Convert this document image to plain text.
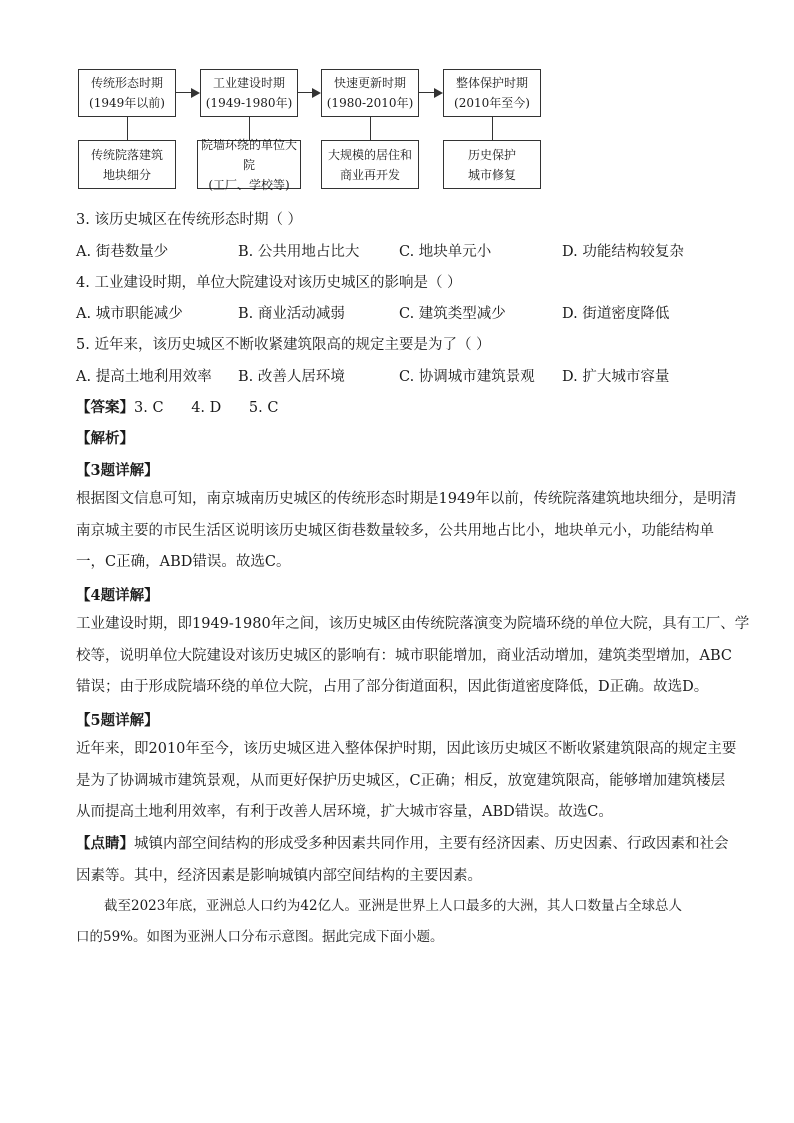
传统形态时期
(1949年以前)
工业建设时期
(1949-1980年)
快速更新时期
(1980-2010年)
整体保护时期
(2010年至今)
传统院落建筑
地块细分
院墙环绕的单位大院
(工厂、学校等)
大规模的居住和
商业再开发
历史保护
城市修复
3. 该历史城区在传统形态时期（ ）
A. 街巷数量少	B. 公共用地占比大	C. 地块单元小	D. 功能结构较复杂
4. 工业建设时期，单位大院建设对该历史城区的影响是（ ）
A. 城市职能减少	B. 商业活动减弱	C. 建筑类型减少	D. 街道密度降低
5. 近年来，该历史城区不断收紧建筑限高的规定主要是为了（ ）
A. 提高土地利用效率 B. 改善人居环境	C. 协调城市建筑景观 D. 扩大城市容量
【答案】3. C      4. D      5. C
【解析】
【3题详解】
根据图文信息可知，南京城南历史城区的传统形态时期是1949年以前，传统院落建筑地块细分，是明清
南京城主要的市民生活区说明该历史城区街巷数量较多，公共用地占比小，地块单元小，功能结构单
一，C正确，ABD错误。故选C。
【4题详解】
工业建设时期，即1949-1980年之间，该历史城区由传统院落演变为院墙环绕的单位大院，具有工厂、学
校等，说明单位大院建设对该历史城区的影响有：城市职能增加，商业活动增加，建筑类型增加，ABC
错误；由于形成院墙环绕的单位大院，占用了部分街道面积，因此街道密度降低，D正确。故选D。
【5题详解】
近年来，即2010年至今，该历史城区进入整体保护时期，因此该历史城区不断收紧建筑限高的规定主要
是为了协调城市建筑景观，从而更好保护历史城区，C正确；相反，放宽建筑限高，能够增加建筑楼层
从而提高土地利用效率，有利于改善人居环境，扩大城市容量，ABD错误。故选C。
【点睛】城镇内部空间结构的形成受多种因素共同作用，主要有经济因素、历史因素、行政因素和社会
因素等。其中，经济因素是影响城镇内部空间结构的主要因素。
截至2023年底，亚洲总人口约为42亿人。亚洲是世界上人口最多的大洲，其人口数量占全球总人
口的59%。如图为亚洲人口分布示意图。据此完成下面小题。
